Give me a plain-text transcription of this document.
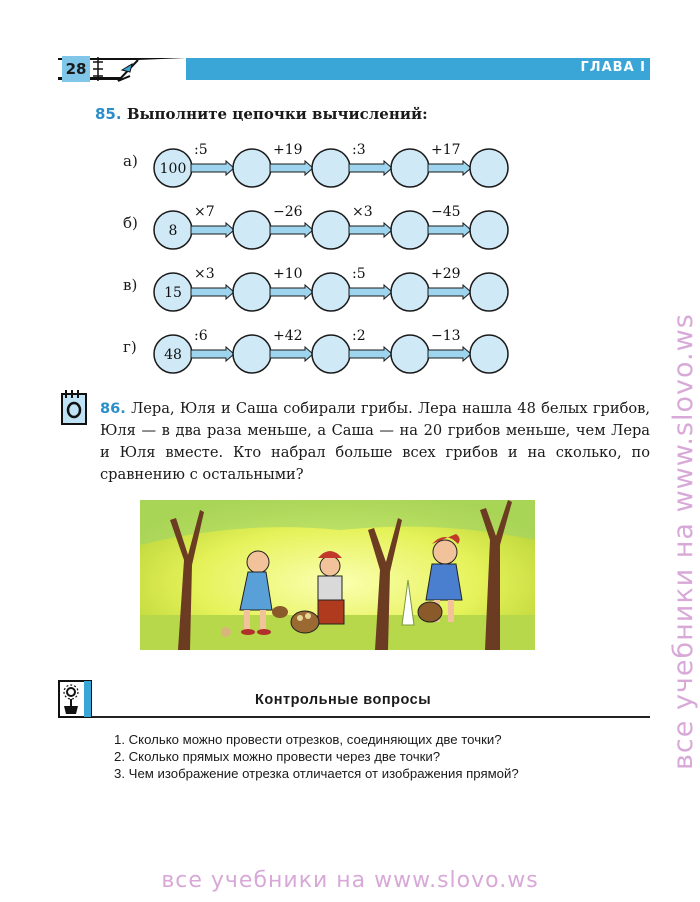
28	ГЛАВА I
85. Выполните цепочки вычислений:
а) 100
:5	+19	:3	+17
б) 8
×7	−26	×3	−45
в) 15
×3	+10	:5	+29
г) 48
:6	+42	:2	−13
86. Лера, Юля и Саша собирали грибы. Лера нашла 48 белых грибов, Юля — в два раза меньше, а Саша — на 20 грибов меньше, чем Лера и Юля вместе. Кто набрал больше всех грибов и на сколько, по сравнению с остальными?
Контрольные вопросы
1. Сколько можно провести отрезков, соединяющих две точки?
2. Сколько прямых можно провести через две точки?
3. Чем изображение отрезка отличается от изображения прямой?
все учебники на www.slovo.ws
все учебники на www.slovo.ws
